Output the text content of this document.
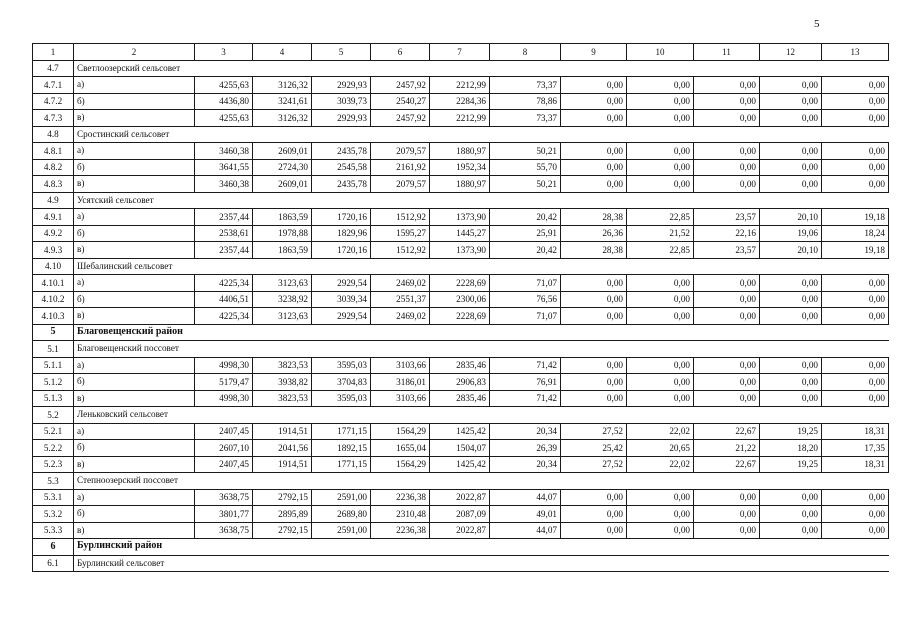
5
1	2	3	4	5	6	7	8	9	10	11	12	13
4.7	Светлоозерский сельсовет											
4.7.1	а)	4255,63	3126,32	2929,93	2457,92	2212,99	73,37	0,00	0,00	0,00	0,00	0,00
4.7.2	б)	4436,80	3241,61	3039,73	2540,27	2284,36	78,86	0,00	0,00	0,00	0,00	0,00
4.7.3	в)	4255,63	3126,32	2929,93	2457,92	2212,99	73,37	0,00	0,00	0,00	0,00	0,00
4.8	Сростинский сельсовет											
4.8.1	а)	3460,38	2609,01	2435,78	2079,57	1880,97	50,21	0,00	0,00	0,00	0,00	0,00
4.8.2	б)	3641,55	2724,30	2545,58	2161,92	1952,34	55,70	0,00	0,00	0,00	0,00	0,00
4.8.3	в)	3460,38	2609,01	2435,78	2079,57	1880,97	50,21	0,00	0,00	0,00	0,00	0,00
4.9	Усятский сельсовет											
4.9.1	а)	2357,44	1863,59	1720,16	1512,92	1373,90	20,42	28,38	22,85	23,57	20,10	19,18
4.9.2	б)	2538,61	1978,88	1829,96	1595,27	1445,27	25,91	26,36	21,52	22,16	19,06	18,24
4.9.3	в)	2357,44	1863,59	1720,16	1512,92	1373,90	20,42	28,38	22,85	23,57	20,10	19,18
4.10	Шебалинский сельсовет											
4.10.1	а)	4225,34	3123,63	2929,54	2469,02	2228,69	71,07	0,00	0,00	0,00	0,00	0,00
4.10.2	б)	4406,51	3238,92	3039,34	2551,37	2300,06	76,56	0,00	0,00	0,00	0,00	0,00
4.10.3	в)	4225,34	3123,63	2929,54	2469,02	2228,69	71,07	0,00	0,00	0,00	0,00	0,00
5	Благовещенский район											
5.1	Благовещенский поссовет											
5.1.1	а)	4998,30	3823,53	3595,03	3103,66	2835,46	71,42	0,00	0,00	0,00	0,00	0,00
5.1.2	б)	5179,47	3938,82	3704,83	3186,01	2906,83	76,91	0,00	0,00	0,00	0,00	0,00
5.1.3	в)	4998,30	3823,53	3595,03	3103,66	2835,46	71,42	0,00	0,00	0,00	0,00	0,00
5.2	Леньковский сельсовет											
5.2.1	а)	2407,45	1914,51	1771,15	1564,29	1425,42	20,34	27,52	22,02	22,67	19,25	18,31
5.2.2	б)	2607,10	2041,56	1892,15	1655,04	1504,07	26,39	25,42	20,65	21,22	18,20	17,35
5.2.3	в)	2407,45	1914,51	1771,15	1564,29	1425,42	20,34	27,52	22,02	22,67	19,25	18,31
5.3	Степноозерский поссовет											
5.3.1	а)	3638,75	2792,15	2591,00	2236,38	2022,87	44,07	0,00	0,00	0,00	0,00	0,00
5.3.2	б)	3801,77	2895,89	2689,80	2310,48	2087,09	49,01	0,00	0,00	0,00	0,00	0,00
5.3.3	в)	3638,75	2792,15	2591,00	2236,38	2022,87	44,07	0,00	0,00	0,00	0,00	0,00
6	Бурлинский район											
6.1	Бурлинский сельсовет											
